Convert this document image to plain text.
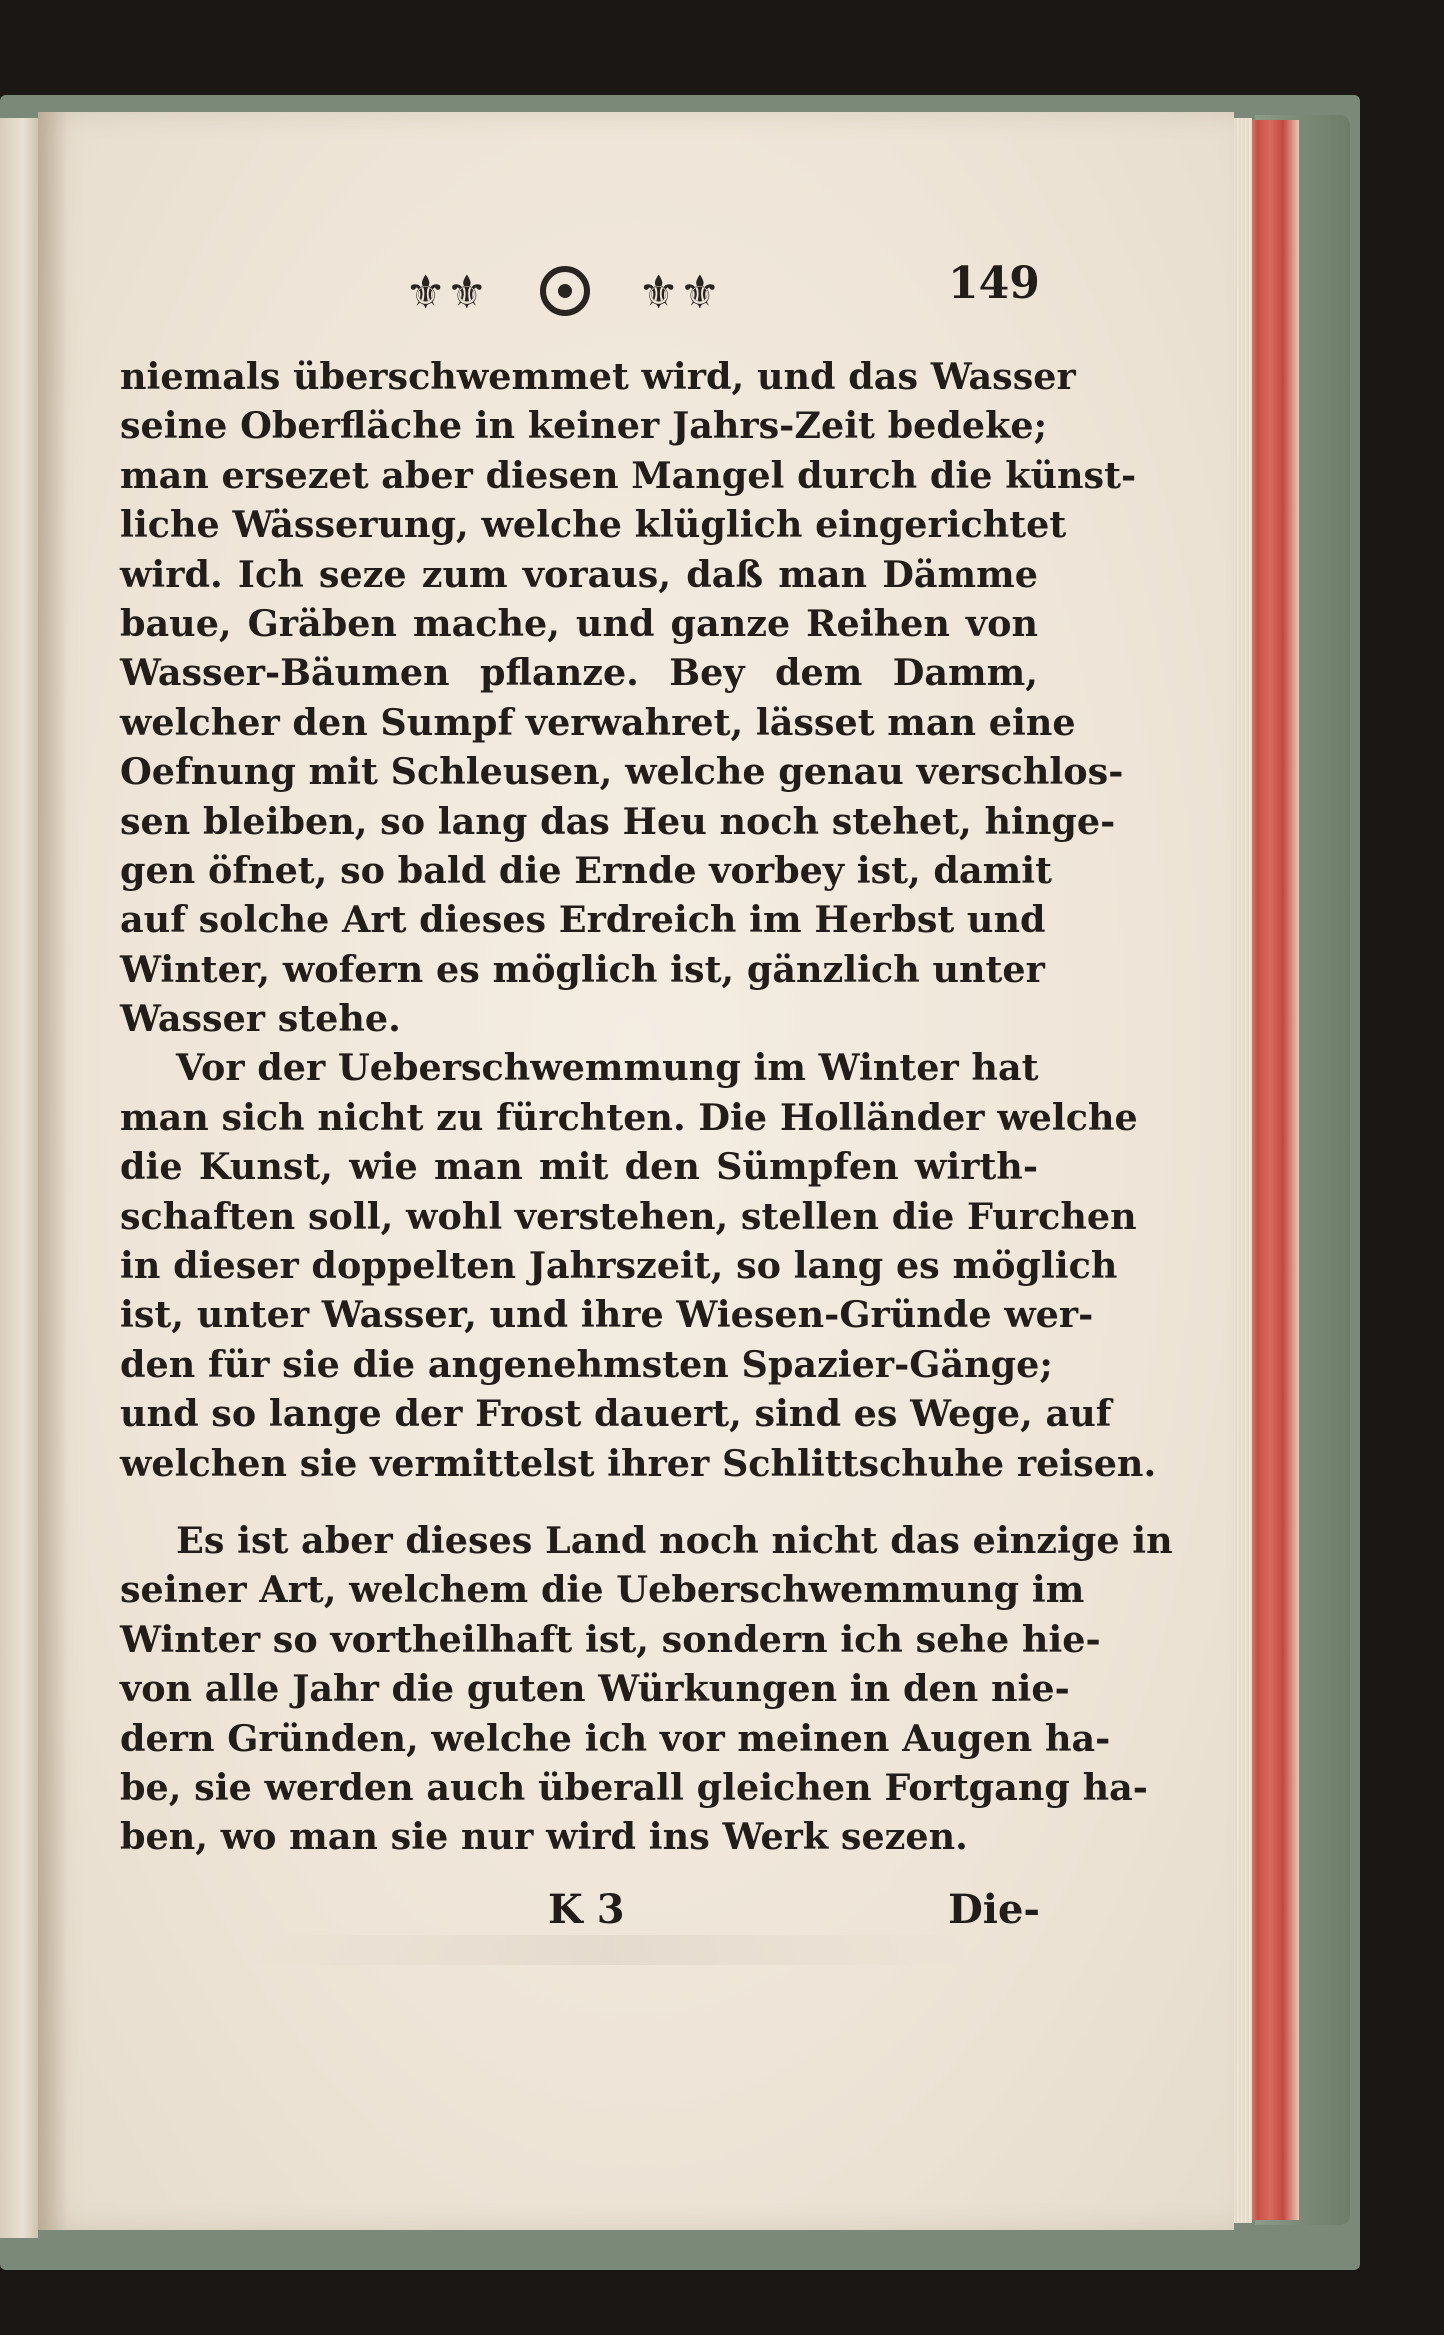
⚜⚜	⚜⚜	149
niemals überschwemmet wird, und das Wasser
seine Oberfläche in keiner Jahrs-Zeit bedeke;
man ersezet aber diesen Mangel durch die künst-
liche Wässerung, welche klüglich eingerichtet
wird. Ich seze zum voraus, daß man Dämme
baue, Gräben mache, und ganze Reihen von
Wasser-Bäumen pflanze. Bey dem Damm,
welcher den Sumpf verwahret, lässet man eine
Oefnung mit Schleusen, welche genau verschlos-
sen bleiben, so lang das Heu noch stehet, hinge-
gen öfnet, so bald die Ernde vorbey ist, damit
auf solche Art dieses Erdreich im Herbst und
Winter, wofern es möglich ist, gänzlich unter
Wasser stehe.
Vor der Ueberschwemmung im Winter hat
man sich nicht zu fürchten. Die Holländer welche
die Kunst, wie man mit den Sümpfen wirth-
schaften soll, wohl verstehen, stellen die Furchen
in dieser doppelten Jahrszeit, so lang es möglich
ist, unter Wasser, und ihre Wiesen-Gründe wer-
den für sie die angenehmsten Spazier-Gänge;
und so lange der Frost dauert, sind es Wege, auf
welchen sie vermittelst ihrer Schlittschuhe reisen.
Es ist aber dieses Land noch nicht das einzige in
seiner Art, welchem die Ueberschwemmung im
Winter so vortheilhaft ist, sondern ich sehe hie-
von alle Jahr die guten Würkungen in den nie-
dern Gründen, welche ich vor meinen Augen ha-
be, sie werden auch überall gleichen Fortgang ha-
ben, wo man sie nur wird ins Werk sezen.
K 3	Die-
